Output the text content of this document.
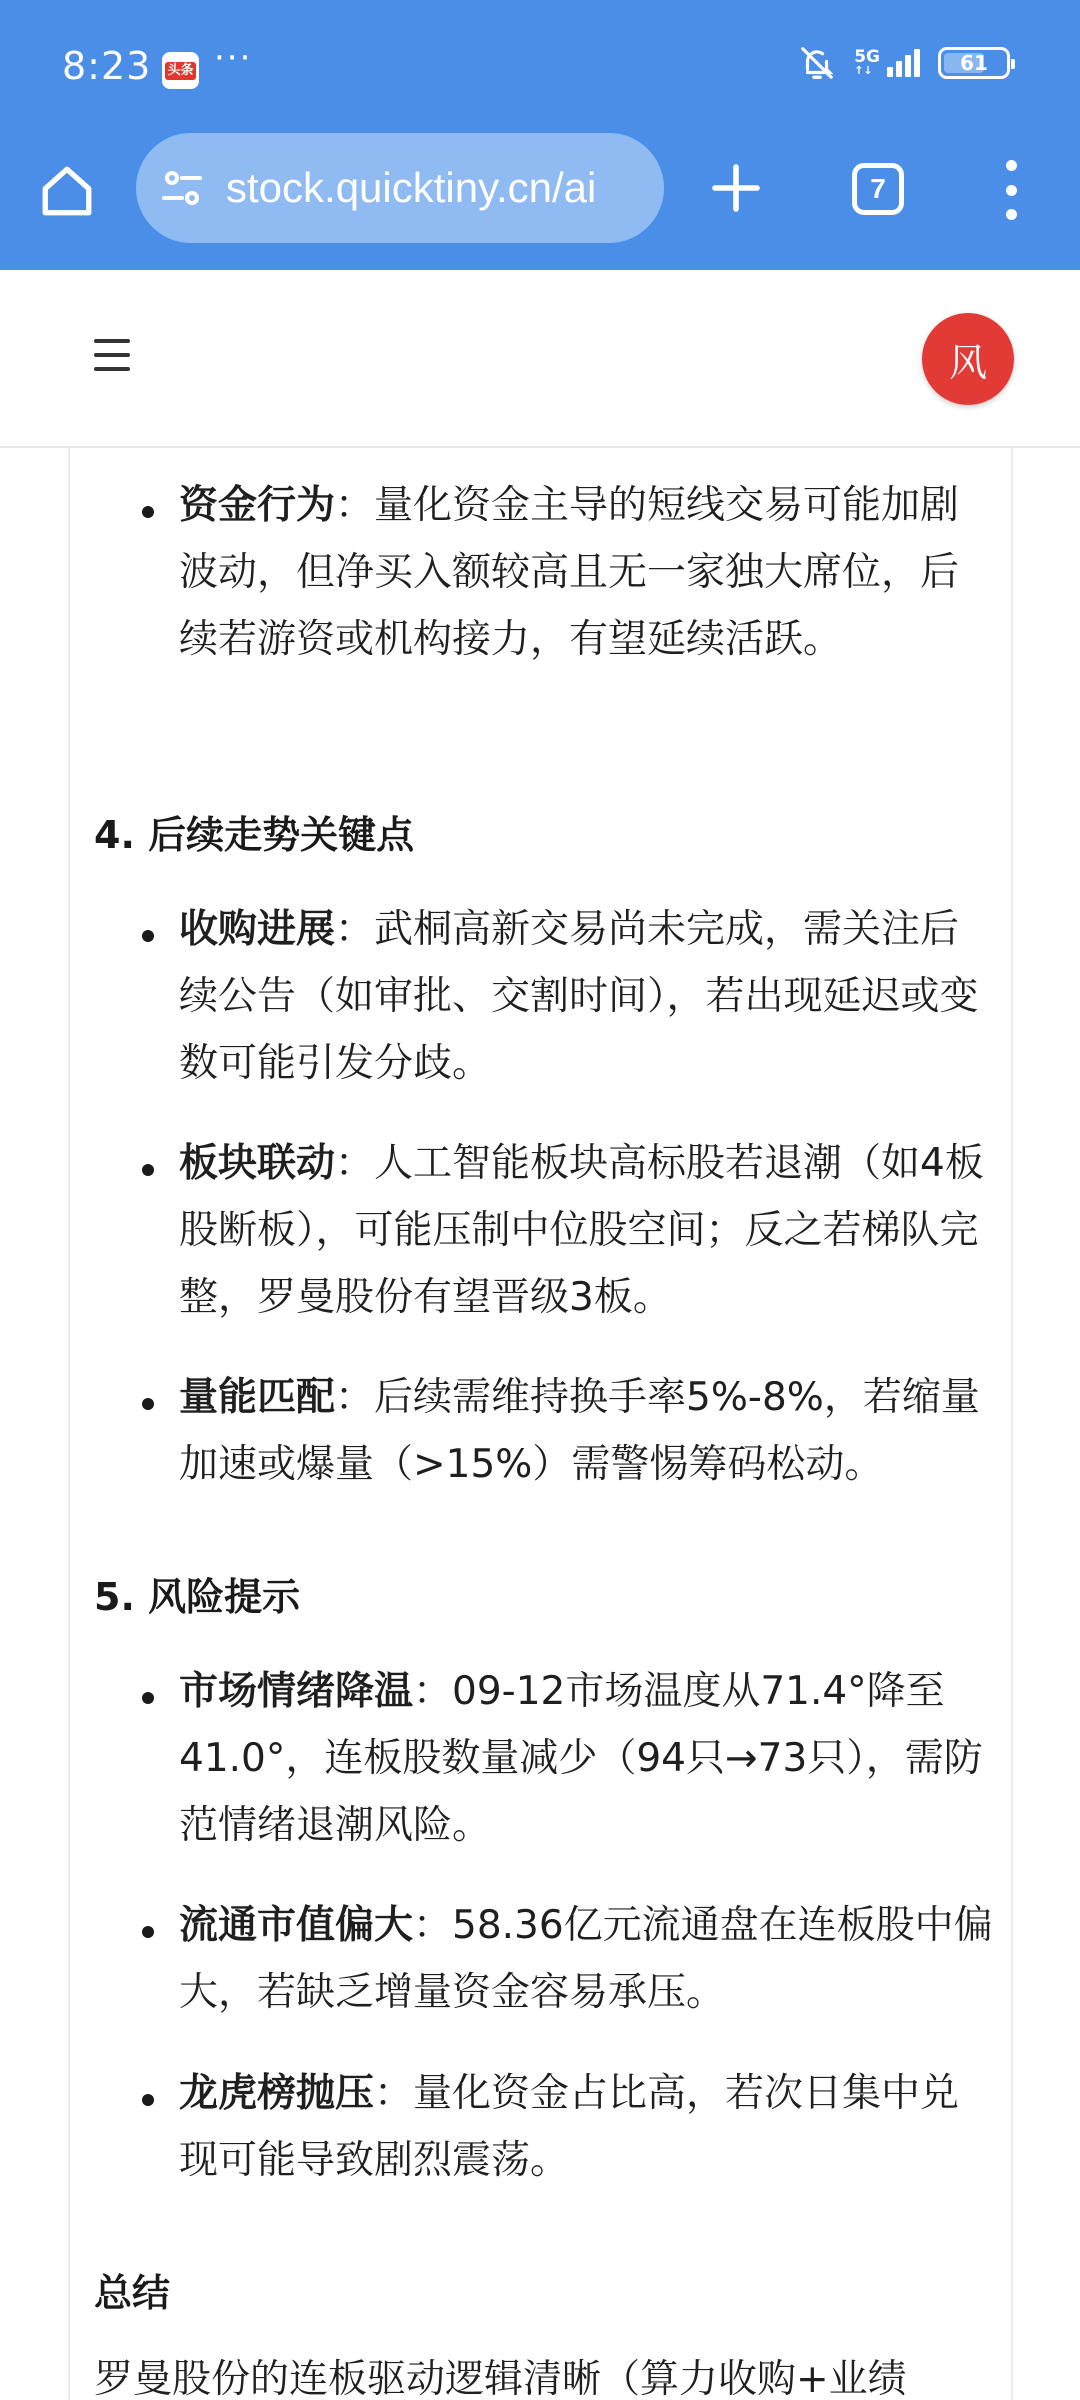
8:23 头条 ···	5G
↑↓	61
stock.quicktiny.cn/ai	7
风
资金行为：量化资金主导的短线交易可能加剧波动，但净买入额较高且无一家独大席位，后续若游资或机构接力，有望延续活跃。
4. 后续走势关键点
收购进展：武桐高新交易尚未完成，需关注后续公告（如审批、交割时间），若出现延迟或变数可能引发分歧。
板块联动：人工智能板块高标股若退潮（如4板股断板），可能压制中位股空间；反之若梯队完整，罗曼股份有望晋级3板。
量能匹配：后续需维持换手率5%-8%，若缩量加速或爆量（>15%）需警惕筹码松动。
5. 风险提示
市场情绪降温：09-12市场温度从71.4°降至41.0°，连板股数量减少（94只→73只），需防范情绪退潮风险。
流通市值偏大：58.36亿元流通盘在连板股中偏大，若缺乏增量资金容易承压。
龙虎榜抛压：量化资金占比高，若次日集中兑现可能导致剧烈震荡。
总结
罗曼股份的连板驱动逻辑清晰（算力收购+业绩
